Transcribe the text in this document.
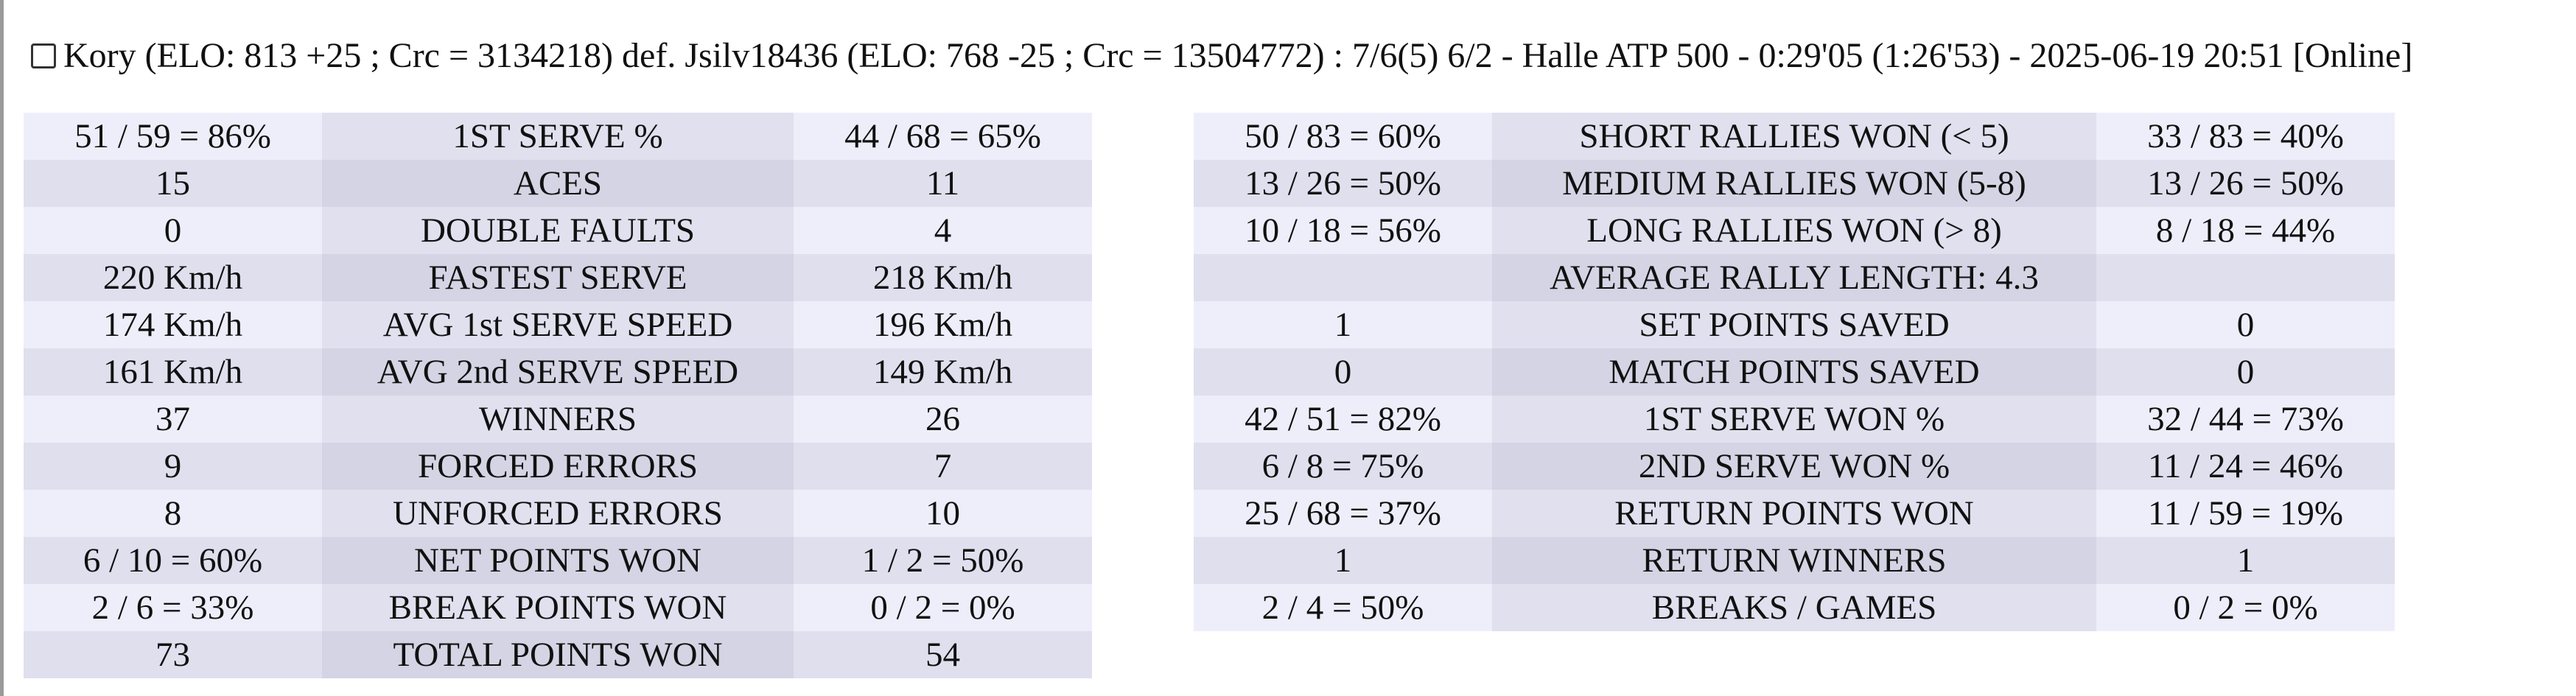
Kory (ELO: 813 +25 ; Crc = 3134218) def. Jsilv18436 (ELO: 768 -25 ; Crc = 13504772) : 7/6(5) 6/2 - Halle ATP 500 - 0:29'05 (1:26'53) - 2025-06-19 20:51 [Online]
51 / 59 = 86%	1ST SERVE %	44 / 68 = 65%
15	ACES	11
0	DOUBLE FAULTS	4
220 Km/h	FASTEST SERVE	218 Km/h
174 Km/h	AVG 1st SERVE SPEED	196 Km/h
161 Km/h	AVG 2nd SERVE SPEED	149 Km/h
37	WINNERS	26
9	FORCED ERRORS	7
8	UNFORCED ERRORS	10
6 / 10 = 60%	NET POINTS WON	1 / 2 = 50%
2 / 6 = 33%	BREAK POINTS WON	0 / 2 = 0%
73	TOTAL POINTS WON	54
50 / 83 = 60%	SHORT RALLIES WON (< 5)	33 / 83 = 40%
13 / 26 = 50%	MEDIUM RALLIES WON (5-8)	13 / 26 = 50%
10 / 18 = 56%	LONG RALLIES WON (> 8)	8 / 18 = 44%
	AVERAGE RALLY LENGTH: 4.3	
1	SET POINTS SAVED	0
0	MATCH POINTS SAVED	0
42 / 51 = 82%	1ST SERVE WON %	32 / 44 = 73%
6 / 8 = 75%	2ND SERVE WON %	11 / 24 = 46%
25 / 68 = 37%	RETURN POINTS WON	11 / 59 = 19%
1	RETURN WINNERS	1
2 / 4 = 50%	BREAKS / GAMES	0 / 2 = 0%
